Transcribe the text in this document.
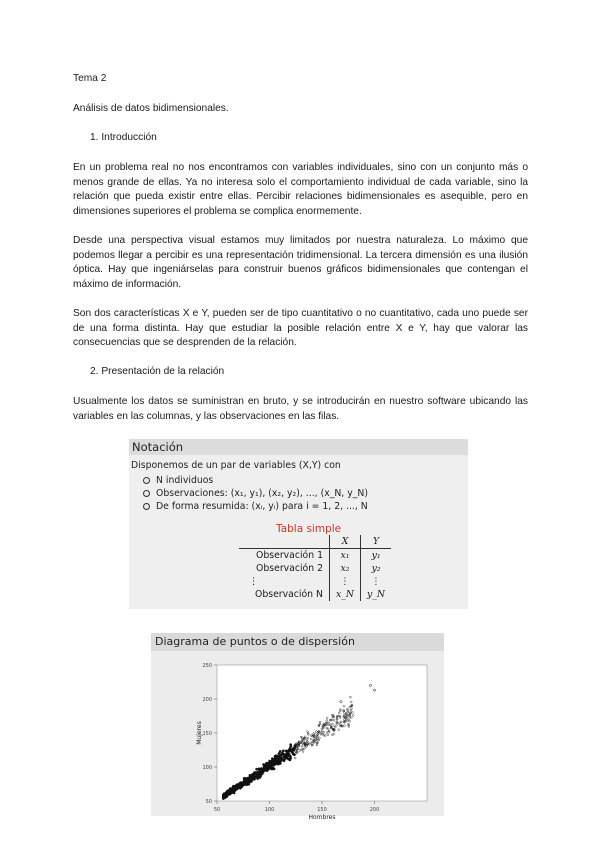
Tema 2
Análisis de datos bidimensionales.
1. Introducción
En un problema real no nos encontramos con variables individuales, sino con un conjunto más o menos grande de ellas. Ya no interesa solo el comportamiento individual de cada variable, sino la relación que pueda existir entre ellas. Percibir relaciones bidimensionales es asequible, pero en dimensiones superiores el problema se complica enormemente.
Desde una perspectiva visual estamos muy limitados por nuestra naturaleza. Lo máximo que podemos llegar a percibir es una representación tridimensional. La tercera dimensión es una ilusión óptica. Hay que ingeniárselas para construir buenos gráficos bidimensionales que contengan el máximo de información.
Son dos características X e Y, pueden ser de tipo cuantitativo o no cuantitativo, cada uno puede ser de una forma distinta. Hay que estudiar la posible relación entre X e Y, hay que valorar las consecuencias que se desprenden de la relación.
2. Presentación de la relación
Usualmente los datos se suministran en bruto, y se introducirán en nuestro software ubicando las variables en las columnas, y las observaciones en las filas.
Notación
Disponemos de un par de variables (X,Y) con
N individuos
Observaciones: (x₁, y₁), (x₂, y₂), ..., (x_N, y_N)
De forma resumida: (xᵢ, yᵢ) para i = 1, 2, ..., N
Tabla simple
	X	Y
Observación 1	x₁	y₁
Observación 2	x₂	y₂
⋮	⋮	⋮
Observación N	x_N	y_N
Diagrama de puntos o de dispersión
50	100	150	200
50
100
150
200
250
Hombres
Mujeres
